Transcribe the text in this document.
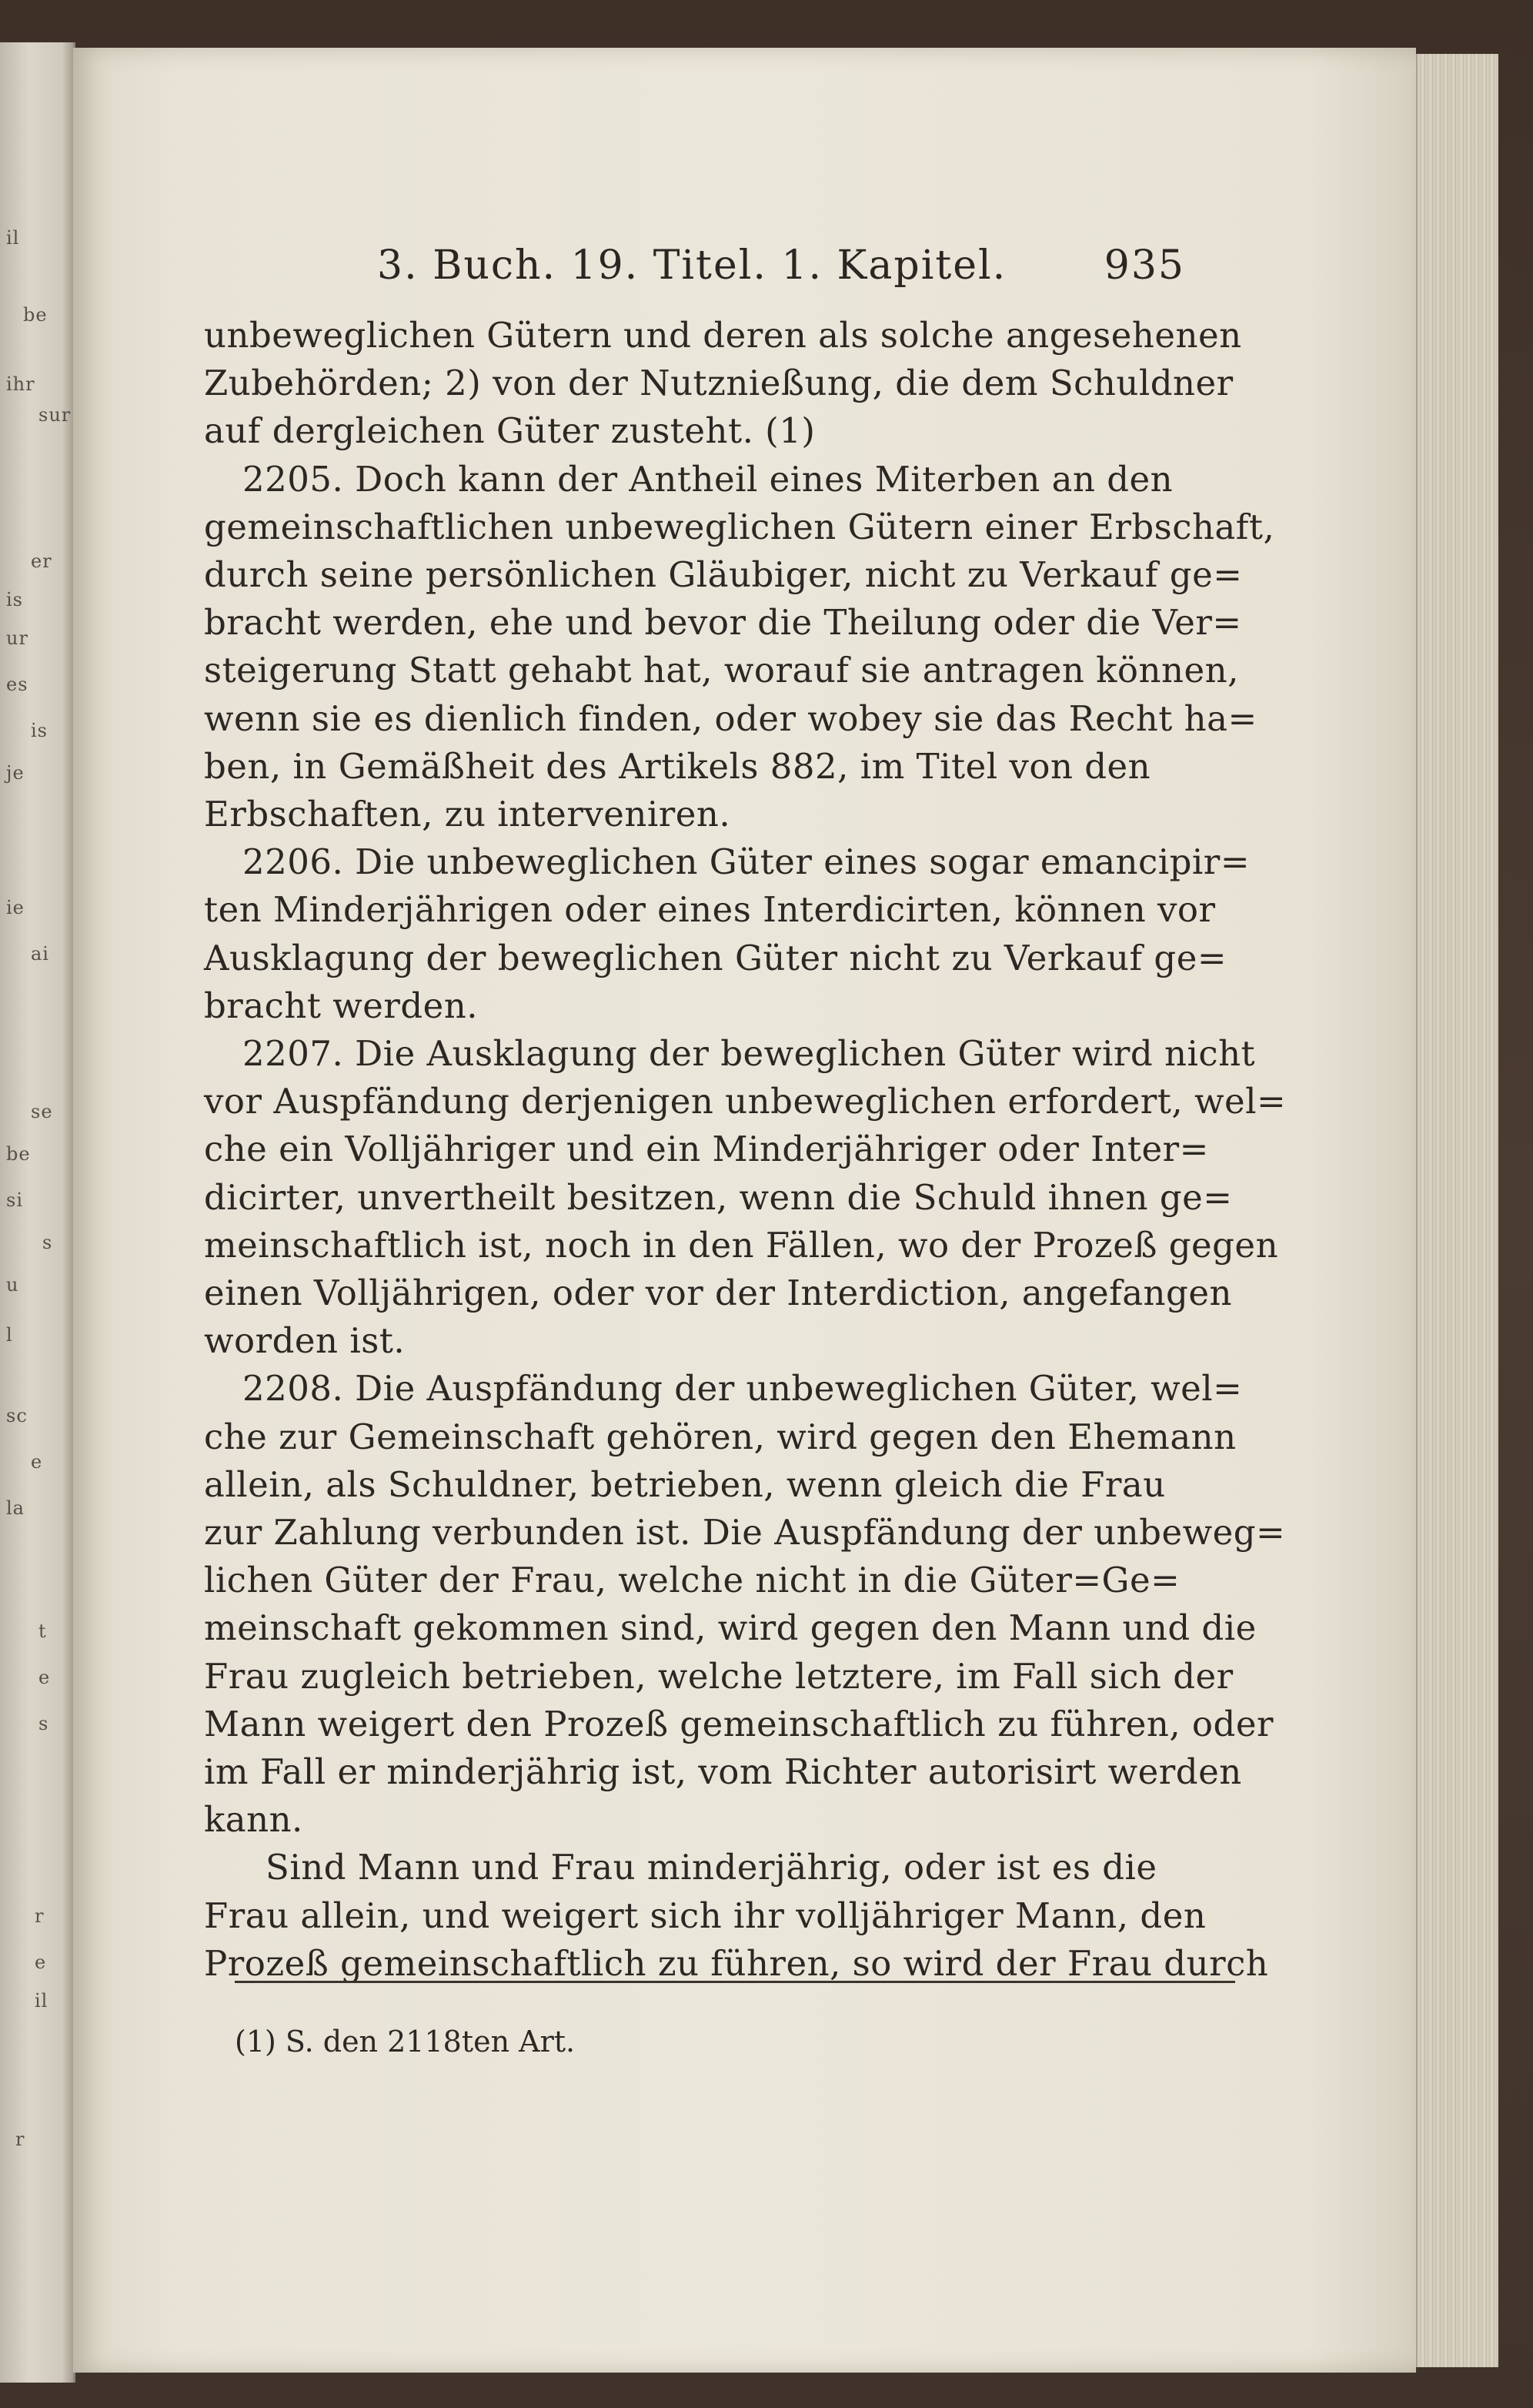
il
be
ihr
sur
er
is
ur
es
is
je
ie
ai
se
be
si
s
u
l
sc
e
la
t
e
s
r
e
il
r
3. Buch. 19. Titel. 1. Kapitel. 935
unbeweglichen Gütern und deren als solche angesehenen
Zubehörden; 2) von der Nutznießung, die dem Schuldner
auf dergleichen Güter zusteht. (1)
2205. Doch kann der Antheil eines Miterben an den
gemeinschaftlichen unbeweglichen Gütern einer Erbschaft,
durch seine persönlichen Gläubiger, nicht zu Verkauf ge=
bracht werden, ehe und bevor die Theilung oder die Ver=
steigerung Statt gehabt hat, worauf sie antragen können,
wenn sie es dienlich finden, oder wobey sie das Recht ha=
ben, in Gemäßheit des Artikels 882, im Titel von den
Erbschaften, zu interveniren.
2206. Die unbeweglichen Güter eines sogar emancipir=
ten Minderjährigen oder eines Interdicirten, können vor
Ausklagung der beweglichen Güter nicht zu Verkauf ge=
bracht werden.
2207. Die Ausklagung der beweglichen Güter wird nicht
vor Auspfändung derjenigen unbeweglichen erfordert, wel=
che ein Volljähriger und ein Minderjähriger oder Inter=
dicirter, unvertheilt besitzen, wenn die Schuld ihnen ge=
meinschaftlich ist, noch in den Fällen, wo der Prozeß gegen
einen Volljährigen, oder vor der Interdiction, angefangen
worden ist.
2208. Die Auspfändung der unbeweglichen Güter, wel=
che zur Gemeinschaft gehören, wird gegen den Ehemann
allein, als Schuldner, betrieben, wenn gleich die Frau
zur Zahlung verbunden ist. Die Auspfändung der unbeweg=
lichen Güter der Frau, welche nicht in die Güter=Ge=
meinschaft gekommen sind, wird gegen den Mann und die
Frau zugleich betrieben, welche letztere, im Fall sich der
Mann weigert den Prozeß gemeinschaftlich zu führen, oder
im Fall er minderjährig ist, vom Richter autorisirt werden
kann.
Sind Mann und Frau minderjährig, oder ist es die
Frau allein, und weigert sich ihr volljähriger Mann, den
Prozeß gemeinschaftlich zu führen, so wird der Frau durch
(1) S. den 2118ten Art.
